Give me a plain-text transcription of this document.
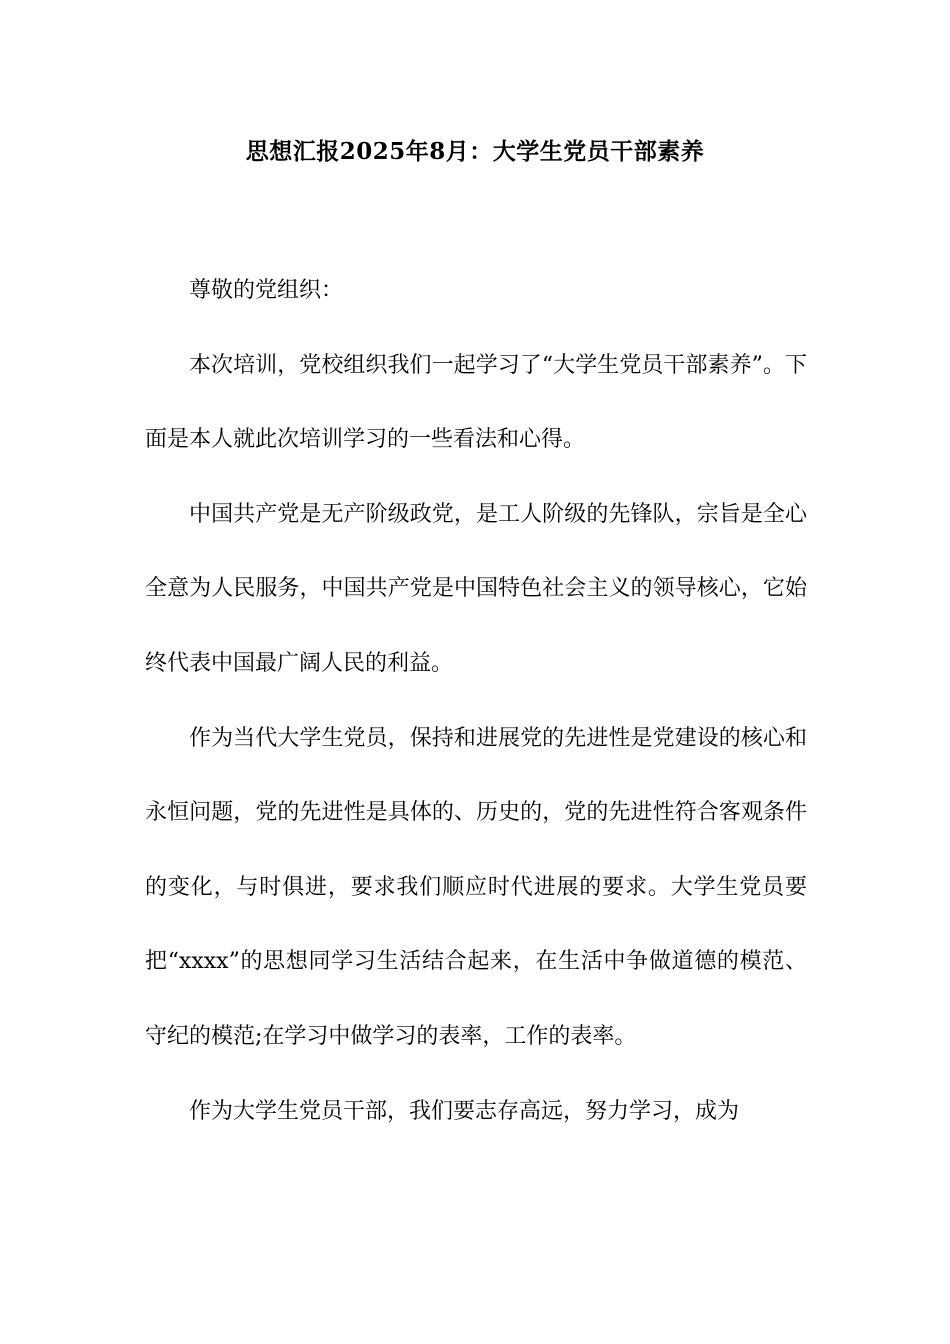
思想汇报2025年8月：大学生党员干部素养

尊敬的党组织：

本次培训，党校组织我们一起学习了“大学生党员干部素养”。下面是本人就此次培训学习的一些看法和心得。

中国共产党是无产阶级政党，是工人阶级的先锋队，宗旨是全心全意为人民服务，中国共产党是中国特色社会主义的领导核心，它始终代表中国最广阔人民的利益。

作为当代大学生党员，保持和进展党的先进性是党建设的核心和永恒问题，党的先进性是具体的、历史的，党的先进性符合客观条件的变化，与时俱进，要求我们顺应时代进展的要求。大学生党员要把“xxxx”的思想同学习生活结合起来，在生活中争做道德的模范、守纪的模范;在学习中做学习的表率，工作的表率。

作为大学生党员干部，我们要志存高远，努力学习，成为
